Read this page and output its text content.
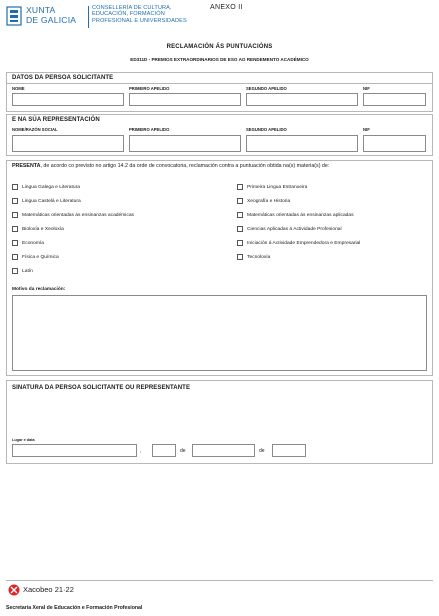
XUNTA
DE GALICIA
CONSELLERÍA DE CULTURA,
EDUCACIÓN, FORMACIÓN
PROFESIONAL E UNIVERSIDADES
ANEXO II
RECLAMACIÓN ÁS PUNTUACIÓNS
ED311D - PREMIOS EXTRAORDINARIOS DE ESO AO RENDEMENTO ACADÉMICO
DATOS DA PERSOA SOLICITANTE
NOME	PRIMEIRO APELIDO	SEGUNDO APELIDO	NIF
E NA SÚA REPRESENTACIÓN
NOME/RAZÓN SOCIAL	PRIMEIRO APELIDO	SEGUNDO APELIDO	NIF
PRESENTA, de acordo co previsto no artigo 14.2 da orde de convocatoria, reclamación contra a puntuación obtida na(s) materia(s) de:
Lingua Galega e Literatura
Lingua Castelá e Literatura
Matemáticas orientadas ás ensinanzas académicas
Bioloxía e Xeoloxía
Economía
Física e Química
Latín
Primeira Lingua Estranxeira
Xeografía e Historia
Matemáticas orientadas ás ensinanzas aplicadas
Ciencias Aplicadas á Actividade Profesional
Iniciación á Actividade Emprendedora e Empresarial
Tecnoloxía
Motivo da reclamación:
SINATURA DA PERSOA SOLICITANTE OU REPRESENTANTE
Lugar e data
,	de	de
Xacobeo 21·22
Secretaría Xeral de Educación e Formación Profesional
